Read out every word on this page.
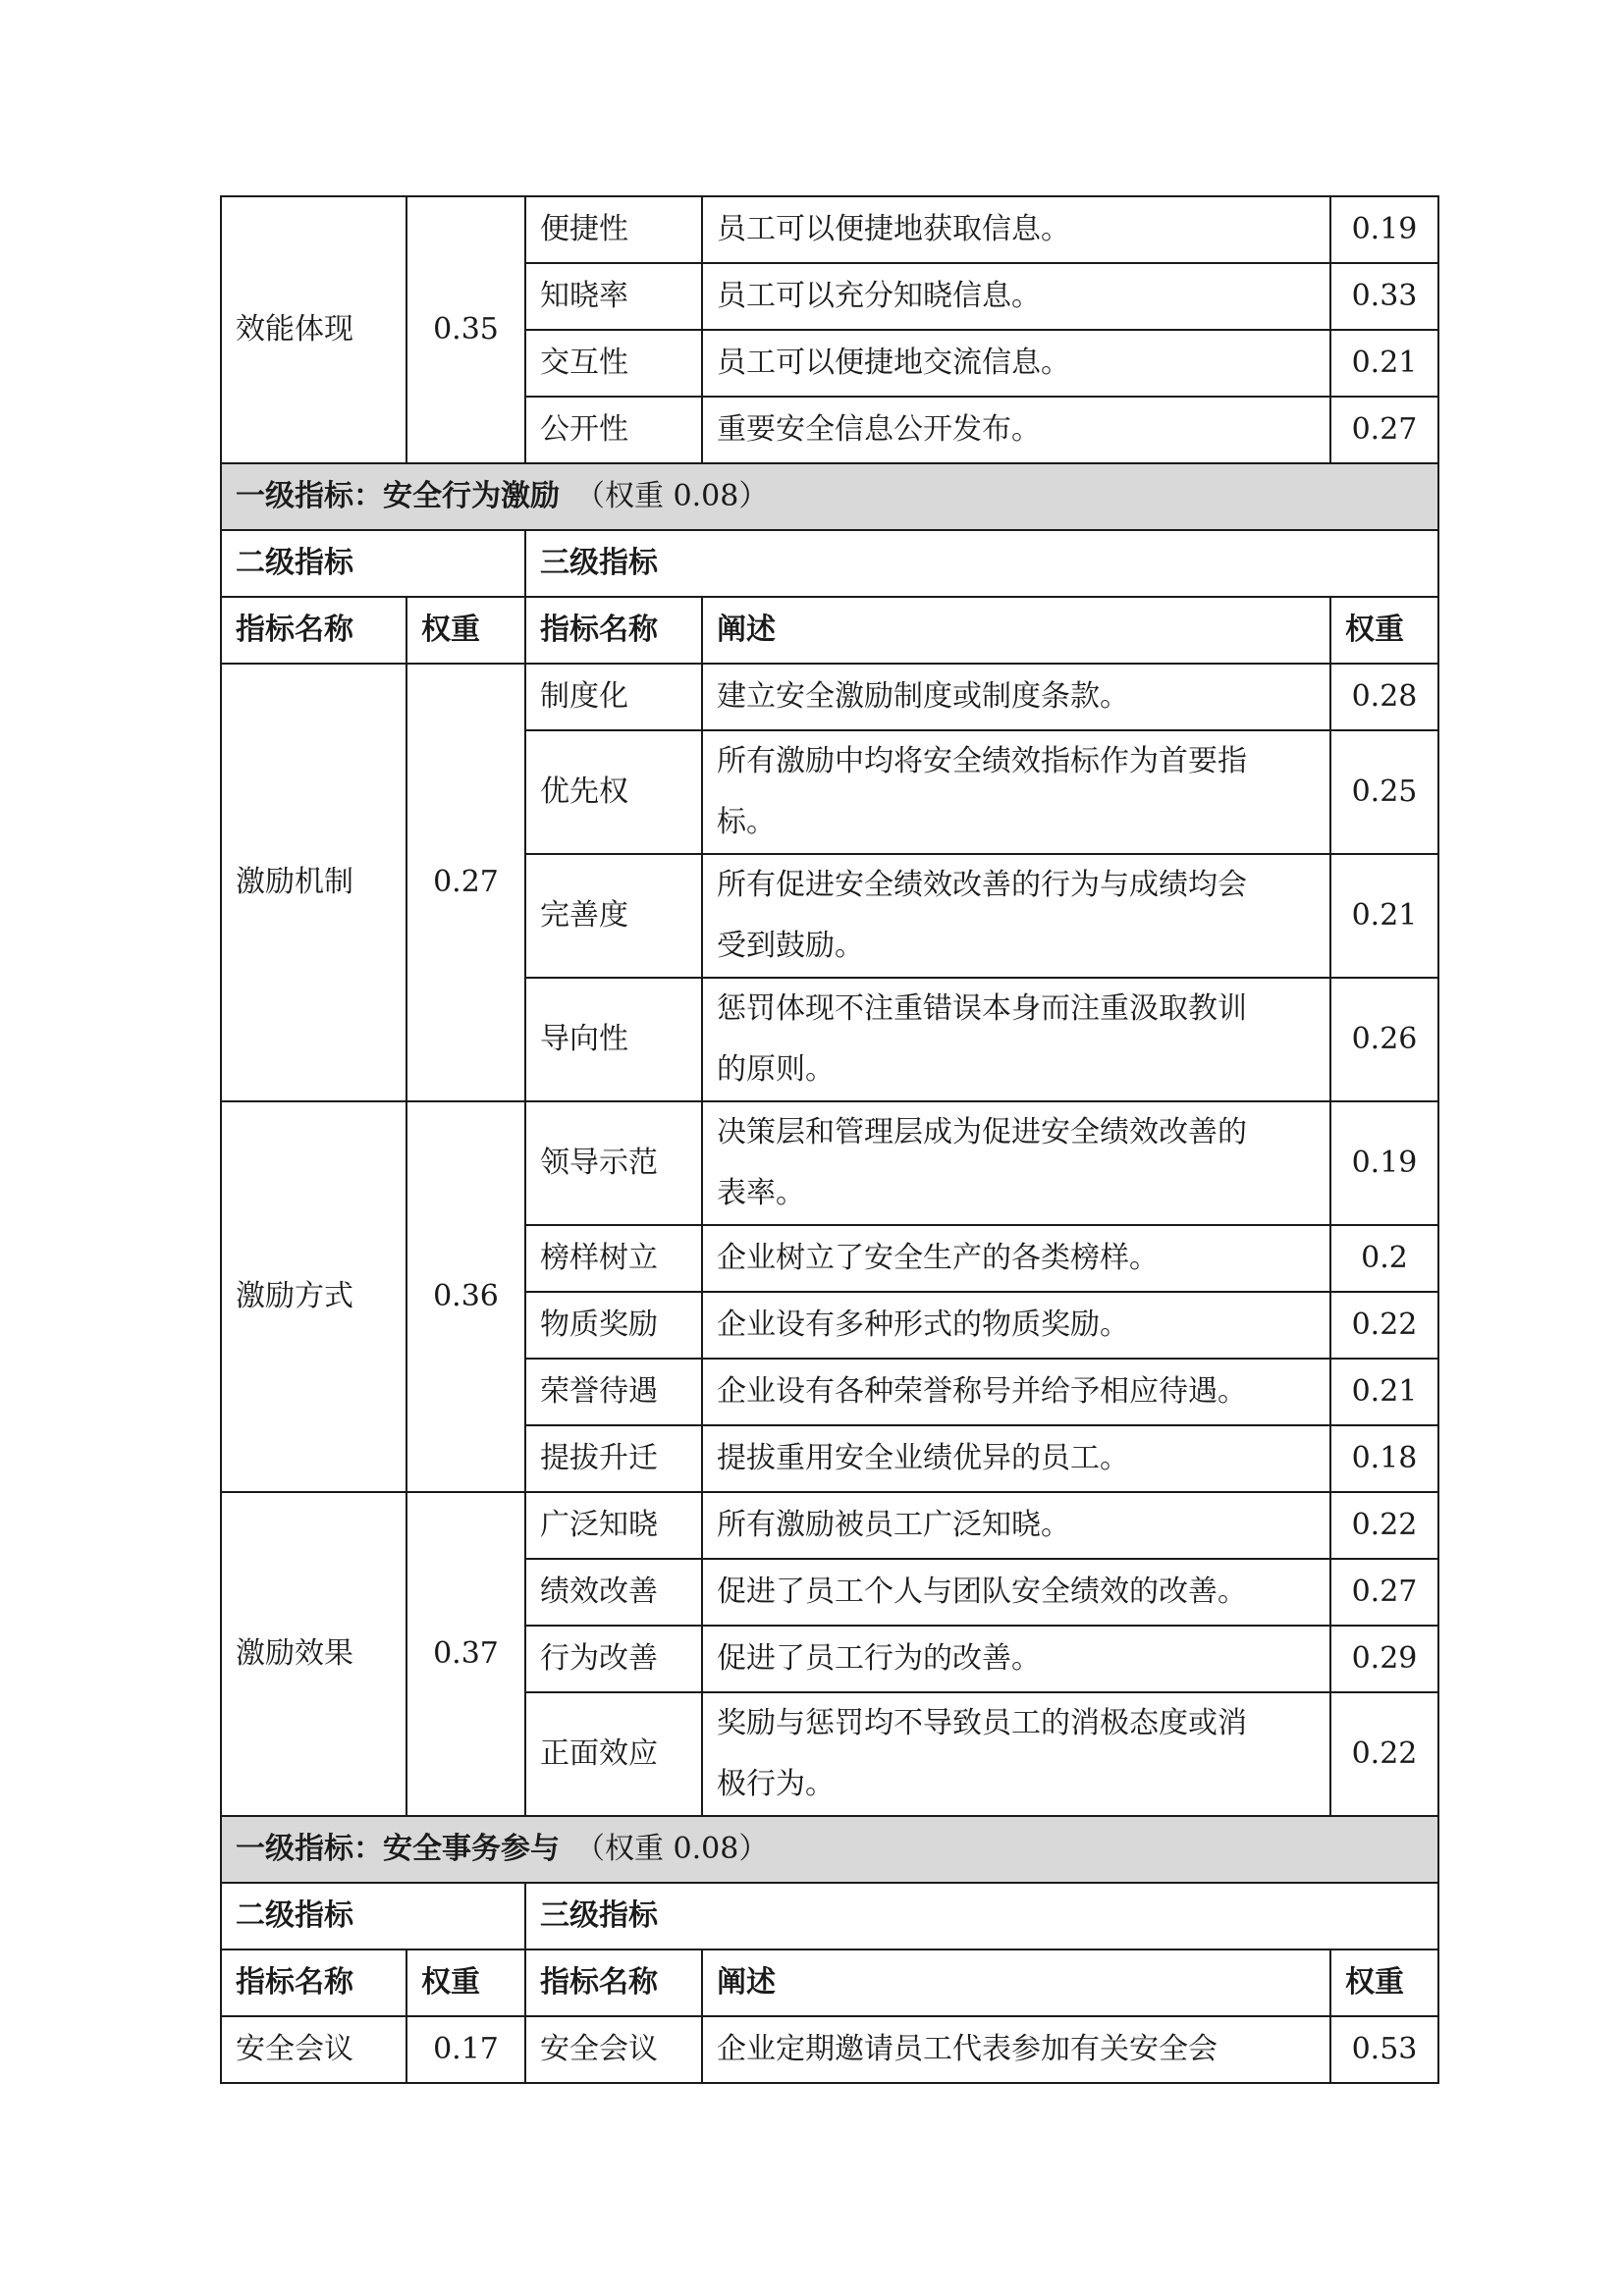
效能体现	0.35	便捷性	员工可以便捷地获取信息。	0.19
		知晓率	员工可以充分知晓信息。	0.33
		交互性	员工可以便捷地交流信息。	0.21
		公开性	重要安全信息公开发布。	0.27
一级指标：安全行为激励 （权重 0.08）				
二级指标		三级指标		
指标名称	权重	指标名称	阐述	权重
激励机制	0.27	制度化	建立安全激励制度或制度条款。	0.28
		优先权	所有激励中均将安全绩效指标作为首要指
标。	0.25
		完善度	所有促进安全绩效改善的行为与成绩均会
受到鼓励。	0.21
		导向性	惩罚体现不注重错误本身而注重汲取教训
的原则。	0.26
激励方式	0.36	领导示范	决策层和管理层成为促进安全绩效改善的
表率。	0.19
		榜样树立	企业树立了安全生产的各类榜样。	0.2
		物质奖励	企业设有多种形式的物质奖励。	0.22
		荣誉待遇	企业设有各种荣誉称号并给予相应待遇。	0.21
		提拔升迁	提拔重用安全业绩优异的员工。	0.18
激励效果	0.37	广泛知晓	所有激励被员工广泛知晓。	0.22
		绩效改善	促进了员工个人与团队安全绩效的改善。	0.27
		行为改善	促进了员工行为的改善。	0.29
		正面效应	奖励与惩罚均不导致员工的消极态度或消
极行为。	0.22
一级指标：安全事务参与 （权重 0.08）				
二级指标		三级指标		
指标名称	权重	指标名称	阐述	权重
安全会议	0.17	安全会议	企业定期邀请员工代表参加有关安全会	0.53
